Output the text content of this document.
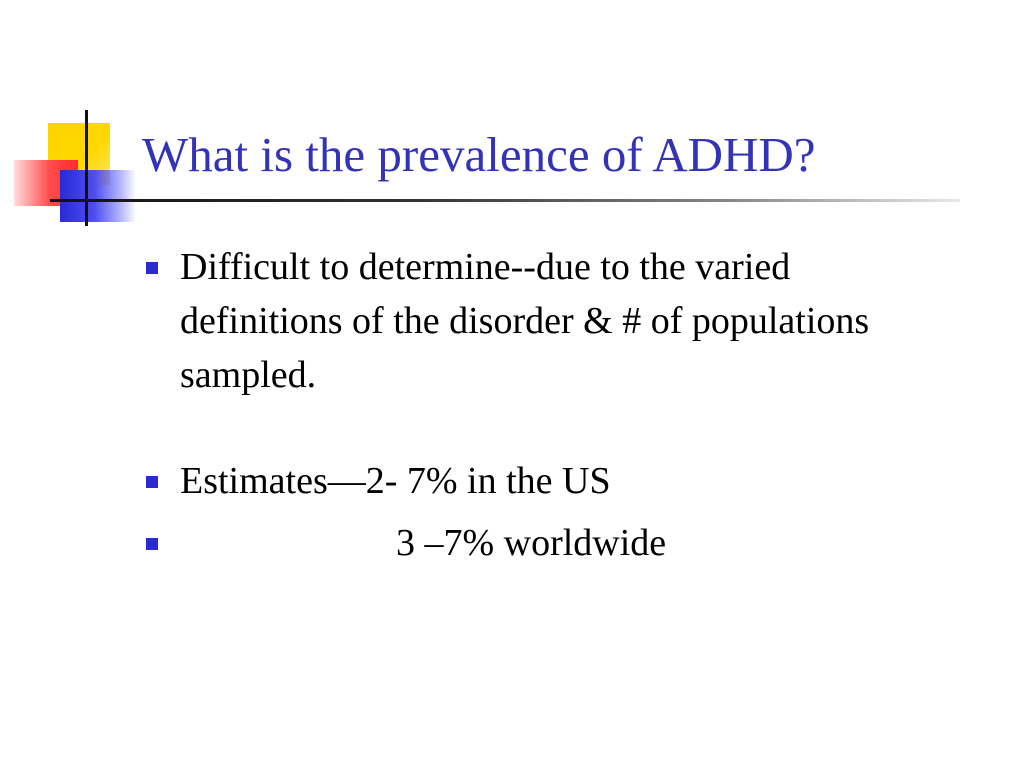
What is the prevalence of ADHD?
Difficult to determine--due to the varied definitions of the disorder & # of populations sampled.
Estimates—2- 7% in the US
3 –7% worldwide
